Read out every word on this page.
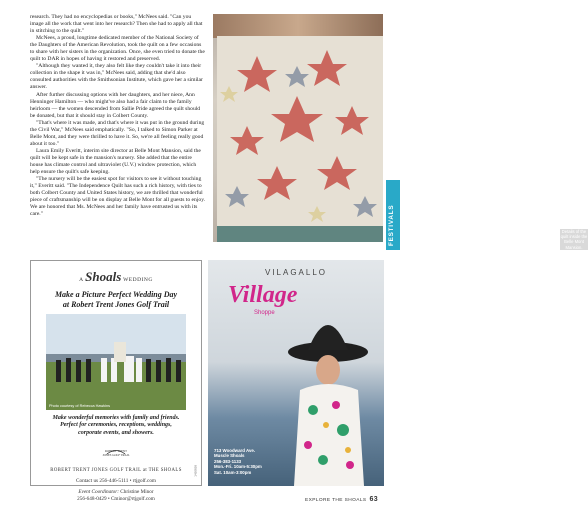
research. They had no encyclopedias or books," McNees said. "Can you image all the work that went into her research? Then she had to apply all that in stitching to the quilt."

McNees, a proud, longtime dedicated member of the National Society of the Daughters of the American Revolution, took the quilt on a few occasions to share with her sisters in the organization. Once, she even tried to donate the quilt to DAR in hopes of having it restored and preserved.

"Although they wanted it, they also felt like they couldn't take it into their collection in the shape it was in," McNees said, adding that she'd also consulted authorities with the Smithsonian Institute, which gave her a similar answer.

After further discussing options with her daughters, and her niece, Ann Henninger Hamilton — who might've also had a fair claim to the family heirloom — the women descended from Sallie Pride agreed the quilt should be donated, but that it should stay in Colbert County.

"That's where it was made, and that's where it was put in the ground during the Civil War," McNees said emphatically. "So, I talked to Simon Parker at Belle Mont, and they were thrilled to have it. So, we're all feeling really good about it too."

Laura Emily Everitt, interim site director at Belle Mont Mansion, said the quilt will be kept safe in the mansion's nursery. She added that the entire house has climate control and ultraviolet (U.V.) window protection, which help ensure the quilt's safe keeping.

"The nursery will be the easiest spot for visitors to see it without touching it," Everitt said. "The Independence Quilt has such a rich history, with ties to both Colbert County and United States history, we are thrilled that wonderful piece of craftsmanship will be on display at Belle Mont for all guests to enjoy. We are honored that Ms. McNees and her family have entrusted us with its care."

Details of the quilt inside the Belle Mont Mansion.
FESTIVALS
A Shoals WEDDING
Make a Picture Perfect Wedding Day
at Robert Trent Jones Golf Trail
Photo courtesy of Rebecca Hawkins
Make wonderful memories with family and friends.
Perfect for ceremonies, receptions, weddings,
corporate events, and showers.
ROBERT TRENT JONES GOLF TRAIL
ROBERT TRENT JONES GOLF TRAIL at THE SHOALS
Contact us 256-446-5111 • rtjgolf.com
Event Coordinator: Christine Minor
256-648-0429 • Cminor@rtjgolf.com
1430838
VILAGALLO
Village
Shoppe
713 Woodward Ave.
Muscle Shoals
256-383-1133
Mon.-Fri. 10am-5:30pm
Sat. 10am-3:00pm
EXPLORE THE SHOALS 63
